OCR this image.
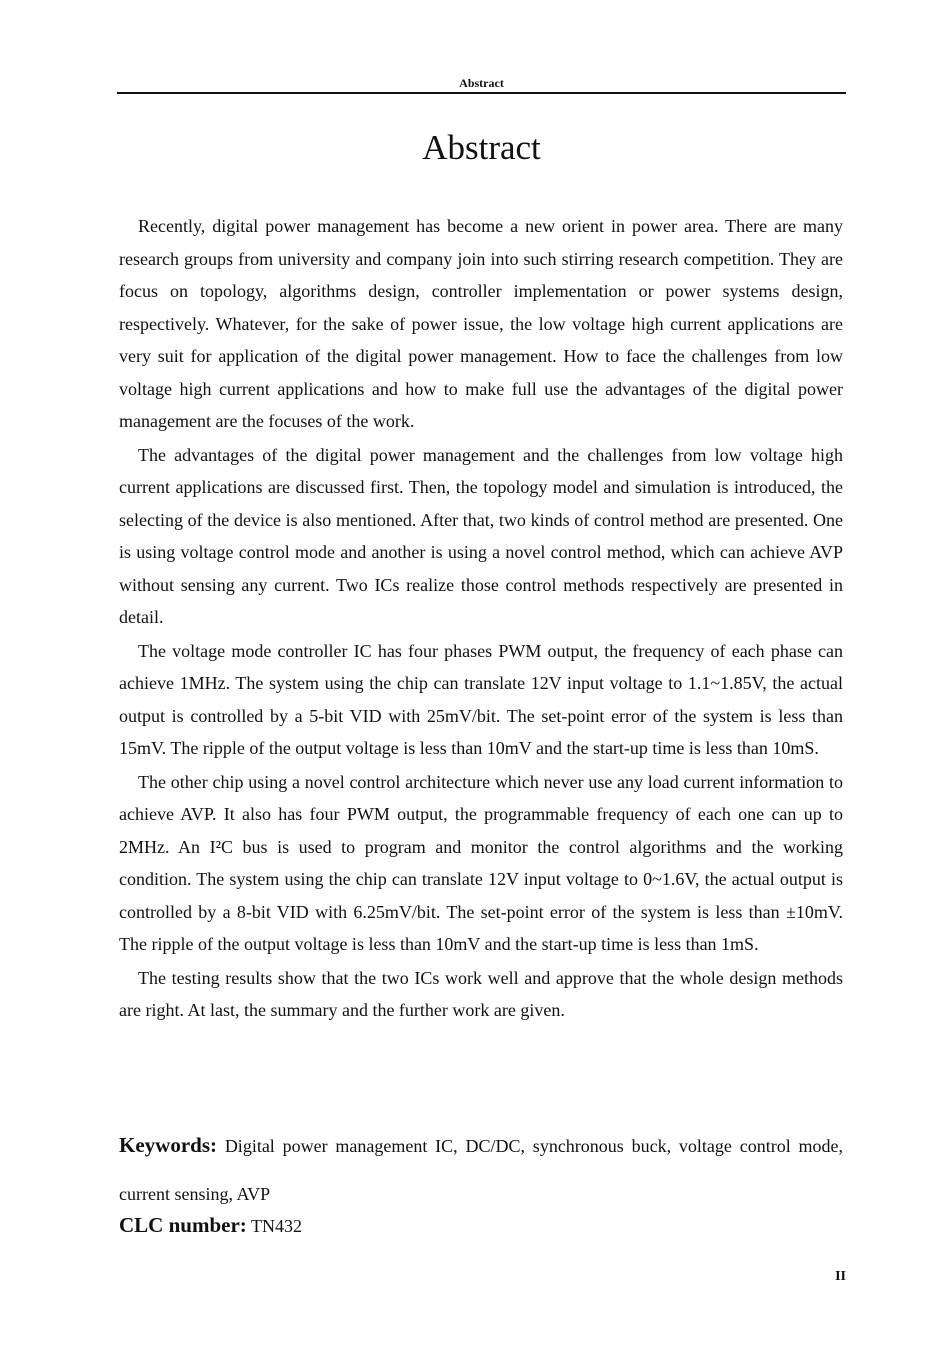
Abstract
Abstract

Recently, digital power management has become a new orient in power area. There are many research groups from university and company join into such stirring research competition. They are focus on topology, algorithms design, controller implementation or power systems design, respectively. Whatever, for the sake of power issue, the low voltage high current applications are very suit for application of the digital power management. How to face the challenges from low voltage high current applications and how to make full use the advantages of the digital power management are the focuses of the work.

The advantages of the digital power management and the challenges from low voltage high current applications are discussed first. Then, the topology model and simulation is introduced, the selecting of the device is also mentioned. After that, two kinds of control method are presented. One is using voltage control mode and another is using a novel control method, which can achieve AVP without sensing any current. Two ICs realize those control methods respectively are presented in detail.

The voltage mode controller IC has four phases PWM output, the frequency of each phase can achieve 1MHz. The system using the chip can translate 12V input voltage to 1.1~1.85V, the actual output is controlled by a 5-bit VID with 25mV/bit. The set-point error of the system is less than 15mV. The ripple of the output voltage is less than 10mV and the start-up time is less than 10mS.

The other chip using a novel control architecture which never use any load current information to achieve AVP. It also has four PWM output, the programmable frequency of each one can up to 2MHz. An I²C bus is used to program and monitor the control algorithms and the working condition. The system using the chip can translate 12V input voltage to 0~1.6V, the actual output is controlled by a 8-bit VID with 6.25mV/bit. The set-point error of the system is less than ±10mV. The ripple of the output voltage is less than 10mV and the start-up time is less than 1mS.

The testing results show that the two ICs work well and approve that the whole design methods are right. At last, the summary and the further work are given.

Keywords: Digital power management IC, DC/DC, synchronous buck, voltage control mode, current sensing, AVP

CLC number: TN432

II
